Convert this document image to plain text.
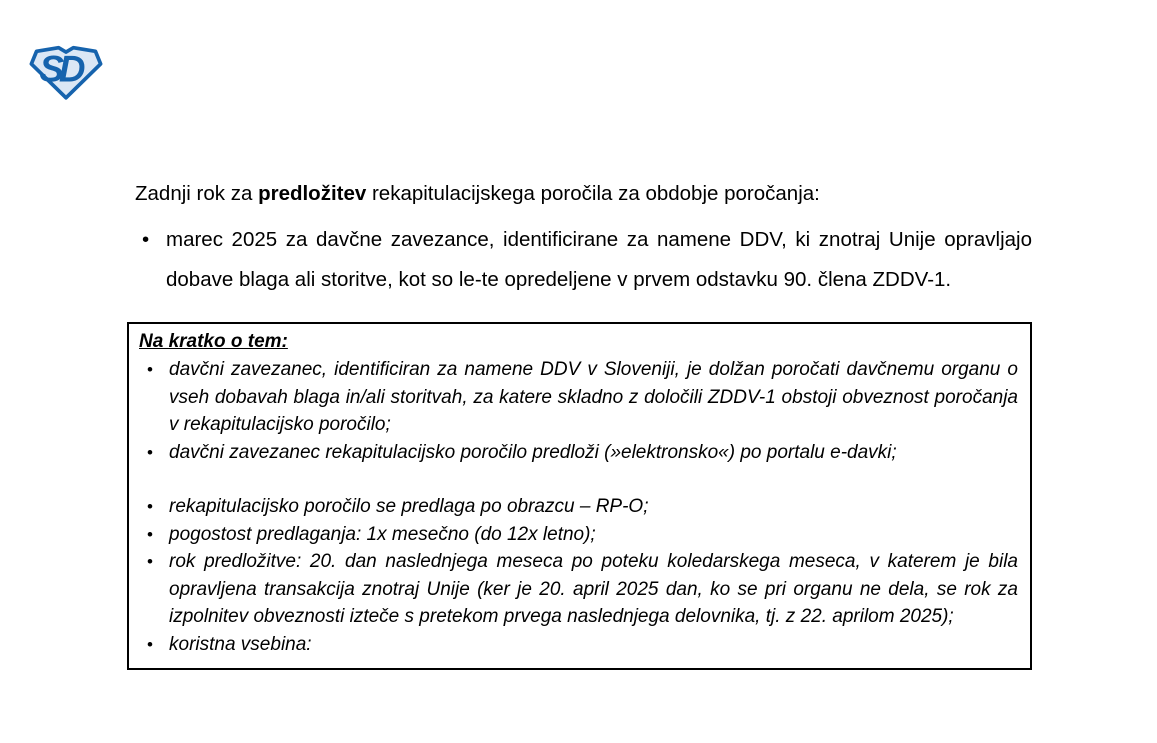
SD

Zadnji rok za predložitev rekapitulacijskega poročila za obdobje poročanja:

• marec 2025 za davčne zavezance, identificirane za namene DDV, ki znotraj Unije opravljajo dobave blaga ali storitve, kot so le-te opredeljene v prvem odstavku 90. člena ZDDV-1.

Na kratko o tem:

• davčni zavezanec, identificiran za namene DDV v Sloveniji, je dolžan poročati davčnemu organu o vseh dobavah blaga in/ali storitvah, za katere skladno z določili ZDDV-1 obstoji obveznost poročanja v rekapitulacijsko poročilo;
• davčni zavezanec rekapitulacijsko poročilo predloži (»elektronsko«) po portalu e-davki;
• rekapitulacijsko poročilo se predlaga po obrazcu – RP-O;
• pogostost predlaganja: 1x mesečno (do 12x letno);
• rok predložitve: 20. dan naslednjega meseca po poteku koledarskega meseca, v katerem je bila opravljena transakcija znotraj Unije (ker je 20. april 2025 dan, ko se pri organu ne dela, se rok za izpolnitev obveznosti izteče s pretekom prvega naslednjega delovnika, tj. z 22. aprilom 2025);
• koristna vsebina:
